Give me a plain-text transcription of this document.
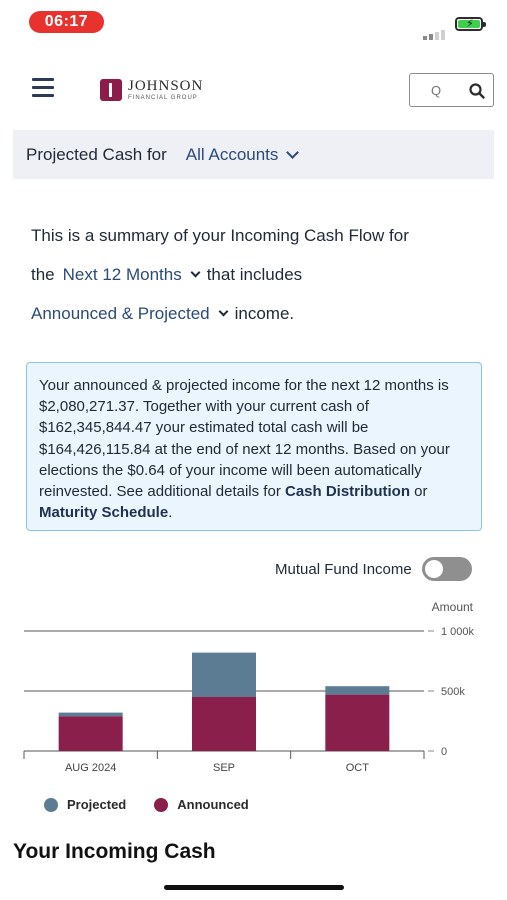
06:17	⚡
JOHNSON
FINANCIAL GROUP
Q
Projected Cash for All Accounts
This is a summary of your Incoming Cash Flow for
the Next 12 Months that includes
Announced & Projected income.
Your announced & projected income for the next 12 months is $2,080,271.37. Together with your current cash of $162,345,844.47 your estimated total cash will be $164,426,115.84 at the end of next 12 months. Based on your elections the $0.64 of your income will been automatically reinvested. See additional details for Cash Distribution or Maturity Schedule.
Mutual Fund Income
Amount
0
500k
1 000k
AUG 2024	SEP	OCT
Projected	Announced
Your Incoming Cash
